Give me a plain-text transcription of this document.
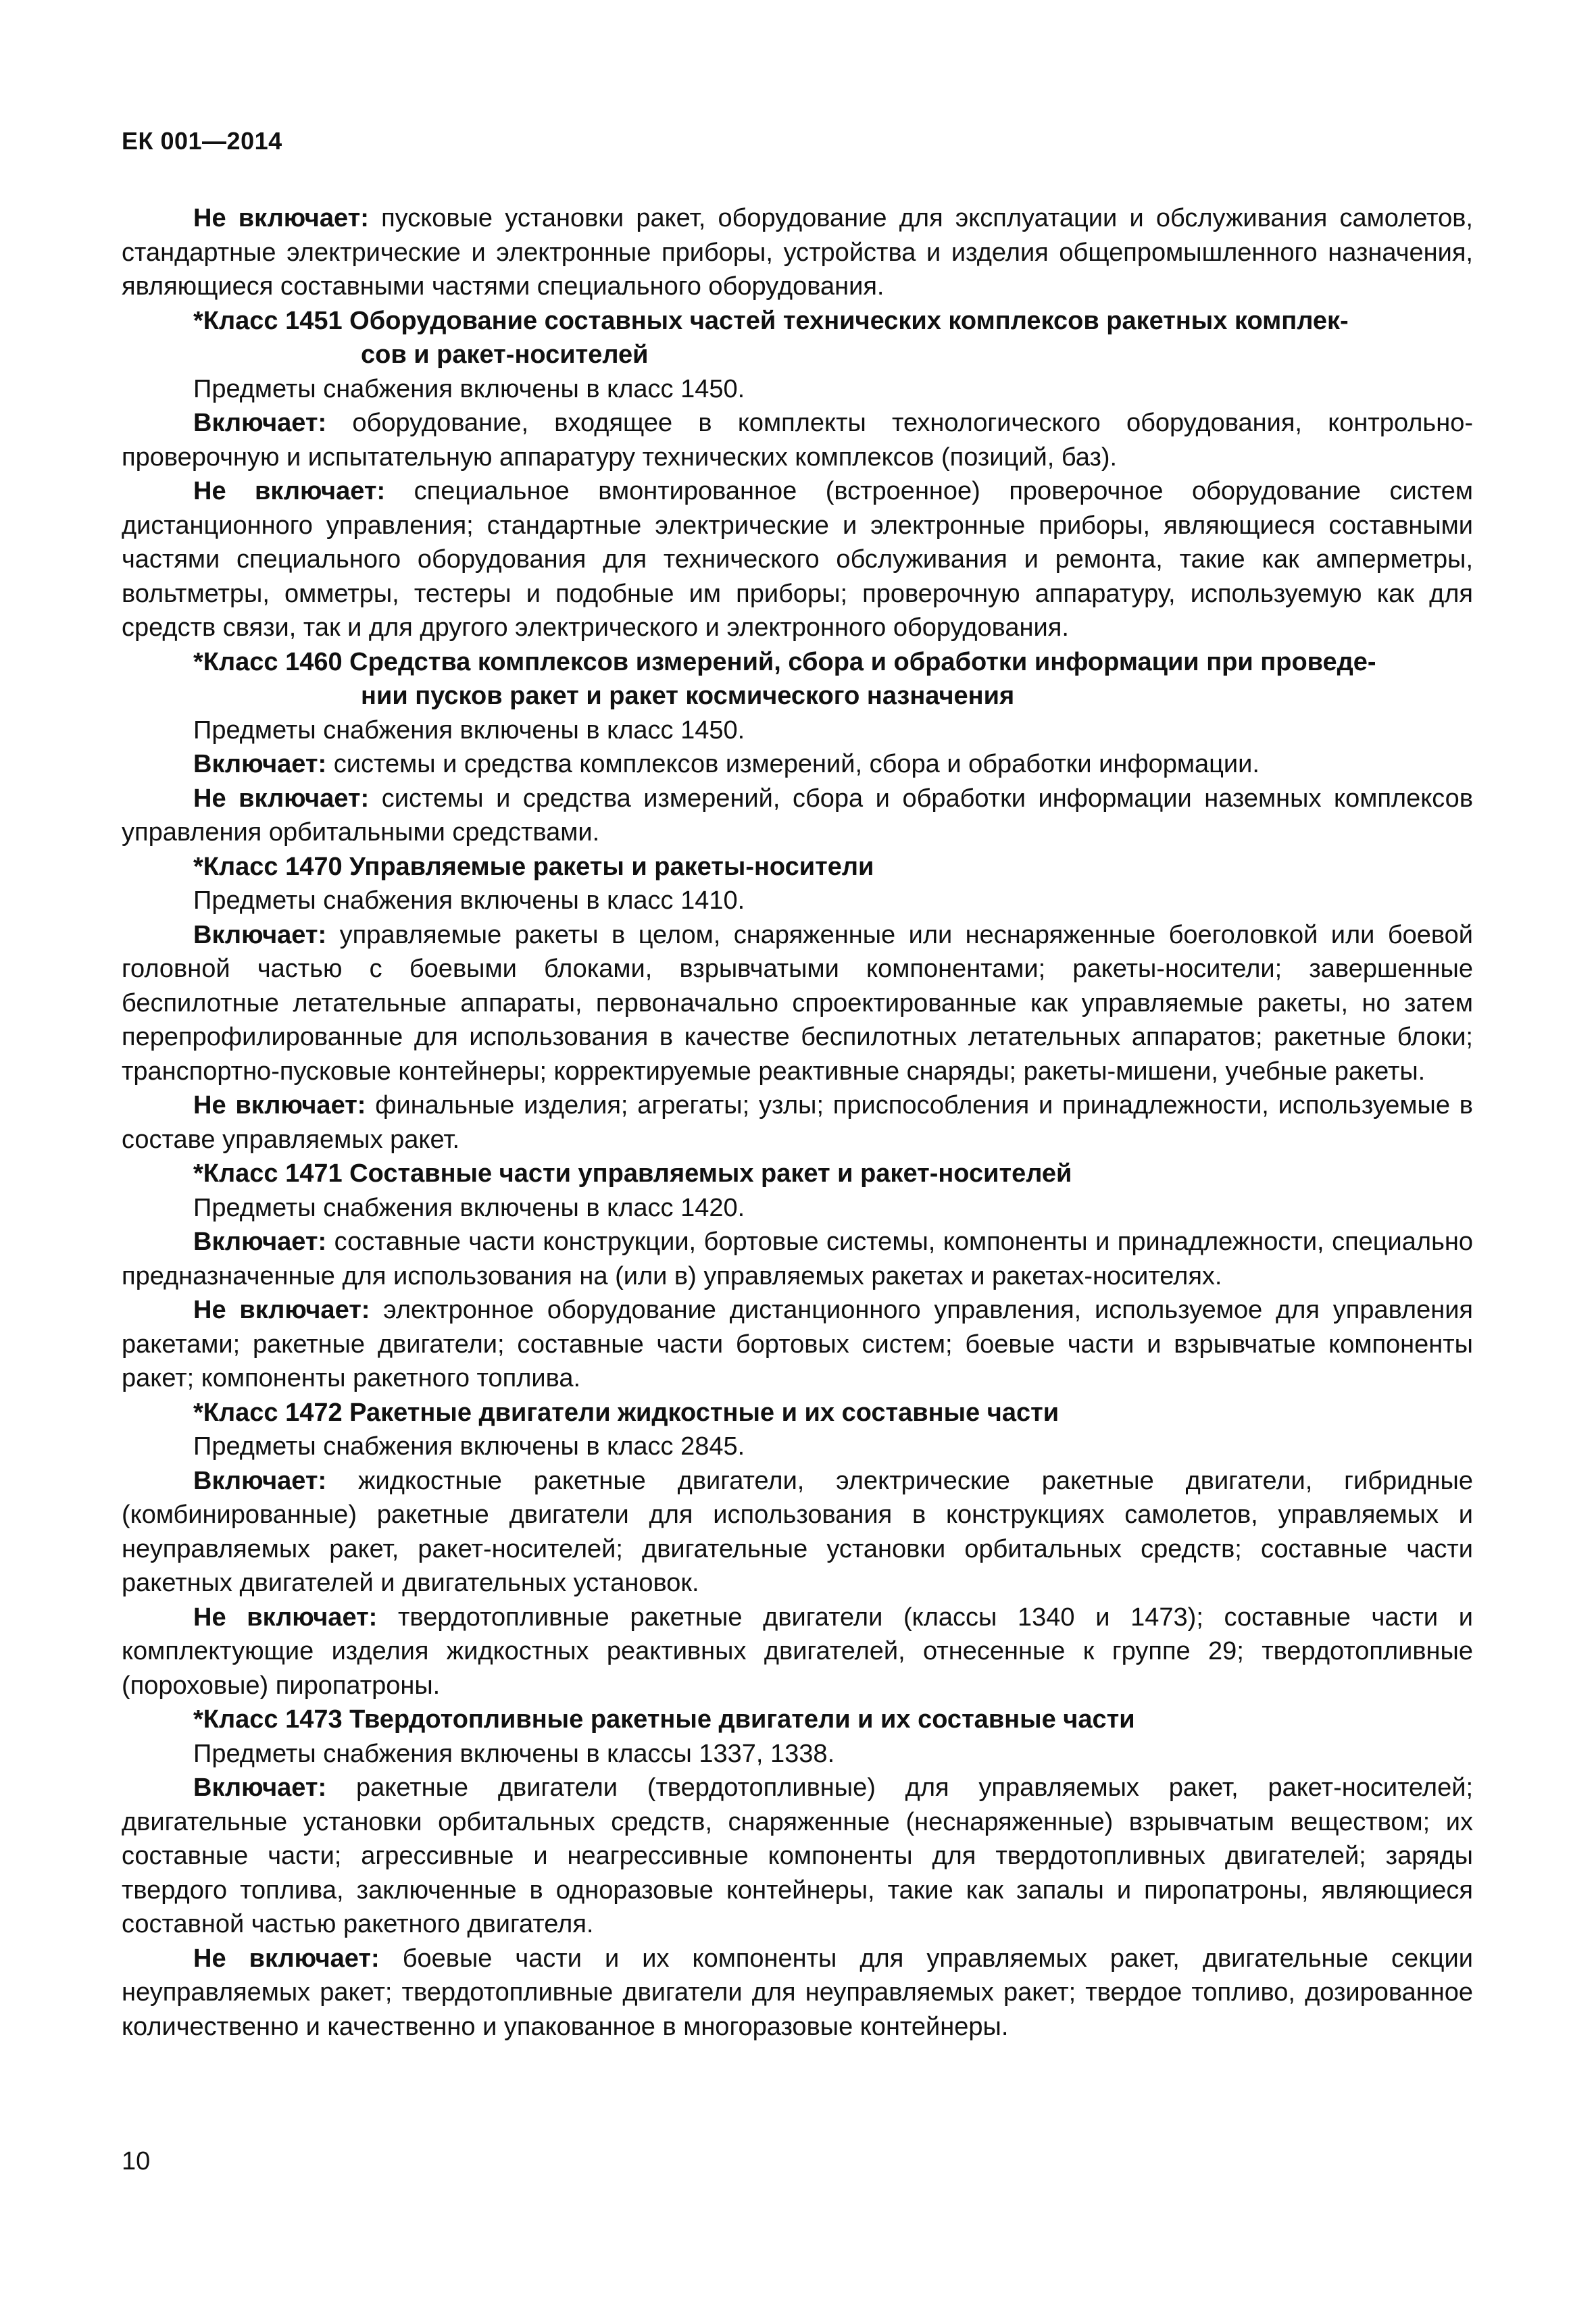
ЕК 001—2014

Не включает: пусковые установки ракет, оборудование для эксплуатации и обслуживания самолетов, стандартные электрические и электронные приборы, устройства и изделия общепромышленного назначения, являющиеся составными частями специального оборудования.

*Класс 1451 Оборудование составных частей технических комплексов ракетных комплек-
сов и ракет-носителей

Предметы снабжения включены в класс 1450.

Включает: оборудование, входящее в комплекты технологического оборудования, контрольно-проверочную и испытательную аппаратуру технических комплексов (позиций, баз).

Не включает: специальное вмонтированное (встроенное) проверочное оборудование систем дистанционного управления; стандартные электрические и электронные приборы, являющиеся составными частями специального оборудования для технического обслуживания и ремонта, такие как амперметры, вольтметры, омметры, тестеры и подобные им приборы; проверочную аппаратуру, используемую как для средств связи, так и для другого электрического и электронного оборудования.

*Класс 1460 Средства комплексов измерений, сбора и обработки информации при проведе-
нии пусков ракет и ракет космического назначения

Предметы снабжения включены в класс 1450.

Включает: системы и средства комплексов измерений, сбора и обработки информации.

Не включает: системы и средства измерений, сбора и обработки информации наземных комплексов управления орбитальными средствами.

*Класс 1470 Управляемые ракеты и ракеты-носители

Предметы снабжения включены в класс 1410.

Включает: управляемые ракеты в целом, снаряженные или неснаряженные боеголовкой или боевой головной частью с боевыми блоками, взрывчатыми компонентами; ракеты-носители; завершенные беспилотные летательные аппараты, первоначально спроектированные как управляемые ракеты, но затем перепрофилированные для использования в качестве беспилотных летательных аппаратов; ракетные блоки; транспортно-пусковые контейнеры; корректируемые реактивные снаряды; ракеты-мишени, учебные ракеты.

Не включает: финальные изделия; агрегаты; узлы; приспособления и принадлежности, используемые в составе управляемых ракет.

*Класс 1471 Составные части управляемых ракет и ракет-носителей

Предметы снабжения включены в класс 1420.

Включает: составные части конструкции, бортовые системы, компоненты и принадлежности, специально предназначенные для использования на (или в) управляемых ракетах и ракетах-носителях.

Не включает: электронное оборудование дистанционного управления, используемое для управления ракетами; ракетные двигатели; составные части бортовых систем; боевые части и взрывчатые компоненты ракет; компоненты ракетного топлива.

*Класс 1472 Ракетные двигатели жидкостные и их составные части

Предметы снабжения включены в класс 2845.

Включает: жидкостные ракетные двигатели, электрические ракетные двигатели, гибридные (комбинированные) ракетные двигатели для использования в конструкциях самолетов, управляемых и неуправляемых ракет, ракет-носителей; двигательные установки орбитальных средств; составные части ракетных двигателей и двигательных установок.

Не включает: твердотопливные ракетные двигатели (классы 1340 и 1473); составные части и комплектующие изделия жидкостных реактивных двигателей, отнесенные к группе 29; твердотопливные (пороховые) пиропатроны.

*Класс 1473 Твердотопливные ракетные двигатели и их составные части

Предметы снабжения включены в классы 1337, 1338.

Включает: ракетные двигатели (твердотопливные) для управляемых ракет, ракет-носителей; двигательные установки орбитальных средств, снаряженные (неснаряженные) взрывчатым веществом; их составные части; агрессивные и неагрессивные компоненты для твердотопливных двигателей; заряды твердого топлива, заключенные в одноразовые контейнеры, такие как запалы и пиропатроны, являющиеся составной частью ракетного двигателя.

Не включает: боевые части и их компоненты для управляемых ракет, двигательные секции неуправляемых ракет; твердотопливные двигатели для неуправляемых ракет; твердое топливо, дозированное количественно и качественно и упакованное в многоразовые контейнеры.

10
